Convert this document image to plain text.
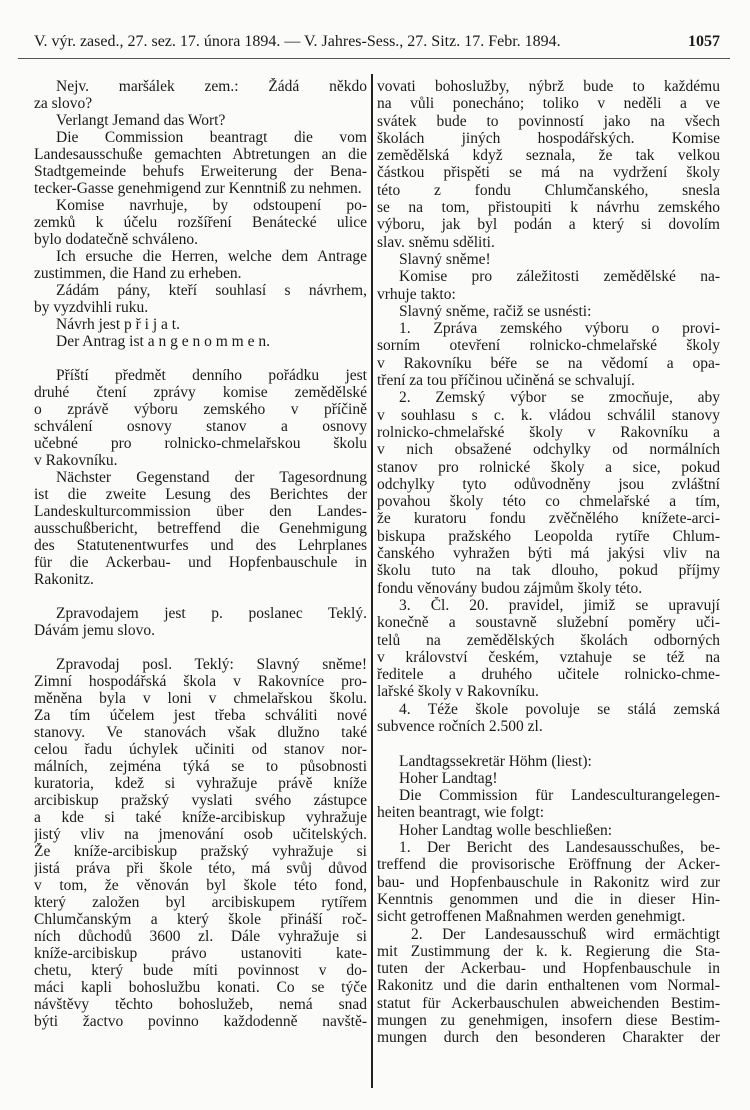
V. výr. zased., 27. sez. 17. února 1894. — V. Jahres-Sess., 27. Sitz. 17. Febr. 1894.	1057
Nejv. maršálek zem.: Žádá někdo
za slovo?
Verlangt Jemand das Wort?
Die Commission beantragt die vom
Landesausschuße gemachten Abtretungen an die
Stadtgemeinde behufs Erweiterung der Bena-
tecker-Gasse genehmigend zur Kenntniß zu nehmen.
Komise navrhuje, by odstoupení po-
zemků k účelu rozšíření Benátecké ulice
bylo dodatečně schváleno.
Ich ersuche die Herren, welche dem Antrage
zustimmen, die Hand zu erheben.
Zádám pány, kteří souhlasí s návrhem,
by vyzdvihli ruku.
Návrh jest p ř i j a t.
Der Antrag ist a n g e n o m m e n.
Příští předmět denního pořádku jest
druhé čtení zprávy komise zemědělské
o zprávě výboru zemského v příčině
schválení osnovy stanov a osnovy
učebné pro rolnicko-chmelařskou školu
v Rakovníku.
Nächster Gegenstand der Tagesordnung
ist die zweite Lesung des Berichtes der
Landeskulturcommission über den Landes-
ausschußbericht, betreffend die Genehmigung
des Statutenentwurfes und des Lehrplanes
für die Ackerbau- und Hopfenbauschule in
Rakonitz.
Zpravodajem jest p. poslanec Teklý.
Dávám jemu slovo.
Zpravodaj posl. Teklý: Slavný sněme!
Zimní hospodářská škola v Rakovníce pro-
měněna byla v loni v chmelařskou školu.
Za tím účelem jest třeba schváliti nové
stanovy. Ve stanovách však dlužno také
celou řadu úchylek učiniti od stanov nor-
málních, zejména týká se to působnosti
kuratoria, kdež si vyhražuje právě kníže
arcibiskup pražský vyslati svého zástupce
a kde si také kníže-arcibiskup vyhražuje
jistý vliv na jmenování osob učitelských.
Že kníže-arcibiskup pražský vyhražuje si
jistá práva při škole této, má svůj důvod
v tom, že věnován byl škole této fond,
který založen byl arcibiskupem rytířem
Chlumčanským a který škole přináší roč-
ních důchodů 3600 zl. Dále vyhražuje si
kníže-arcibiskup právo ustanoviti kate-
chetu, který bude míti povinnost v do-
máci kapli bohoslužbu konati. Co se týče
návštěvy těchto bohoslužeb, nemá snad
býti žactvo povinno každodenně navště-
vovati bohoslužby, nýbrž bude to každému
na vůli ponecháno; toliko v neděli a ve
svátek bude to povinností jako na všech
školách jiných hospodářských. Komise
zemědělská když seznala, že tak velkou
částkou přispěti se má na vydržení školy
této z fondu Chlumčanského, snesla
se na tom, přistoupiti k návrhu zemského
výboru, jak byl podán a který si dovolím
slav. sněmu sděliti.
Slavný sněme!
Komise pro záležitosti zemědělské na-
vrhuje takto:
Slavný sněme, račiž se usnésti:
1. Zpráva zemského výboru o provi-
sorním otevření rolnicko-chmelařské školy
v Rakovníku béře se na vědomí a opa-
tření za tou příčinou učiněná se schvalují.
2. Zemský výbor se zmocňuje, aby
v souhlasu s c. k. vládou schválil stanovy
rolnicko-chmelařské školy v Rakovníku a
v nich obsažené odchylky od normálních
stanov pro rolnické školy a sice, pokud
odchylky tyto odůvodněny jsou zvláštní
povahou školy této co chmelařské a tím,
že kuratoru fondu zvěčnělého knížete-arci-
biskupa pražského Leopolda rytíře Chlum-
čanského vyhražen býti má jakýsi vliv na
školu tuto na tak dlouho, pokud příjmy
fondu věnovány budou zájmům školy této.
3. Čl. 20. pravidel, jimiž se upravují
konečně a soustavně služební poměry uči-
telů na zemědělských školách odborných
v království českém, vztahuje se též na
ředitele a druhého učitele rolnicko-chme-
lařské školy v Rakovníku.
4. Téže škole povoluje se stálá zemská
subvence ročních 2.500 zl.
Landtagssekretär Höhm (liest):
Hoher Landtag!
Die Commission für Landesculturangelegen-
heiten beantragt, wie folgt:
Hoher Landtag wolle beschließen:
1. Der Bericht des Landesausschußes, be-
treffend die provisorische Eröffnung der Acker-
bau- und Hopfenbauschule in Rakonitz wird zur
Kenntnis genommen und die in dieser Hin-
sicht getroffenen Maßnahmen werden genehmigt.
2. Der Landesausschuß wird ermächtigt
mit Zustimmung der k. k. Regierung die Sta-
tuten der Ackerbau- und Hopfenbauschule in
Rakonitz und die darin enthaltenen vom Normal-
statut für Ackerbauschulen abweichenden Bestim-
mungen zu genehmigen, insofern diese Bestim-
mungen durch den besonderen Charakter der
